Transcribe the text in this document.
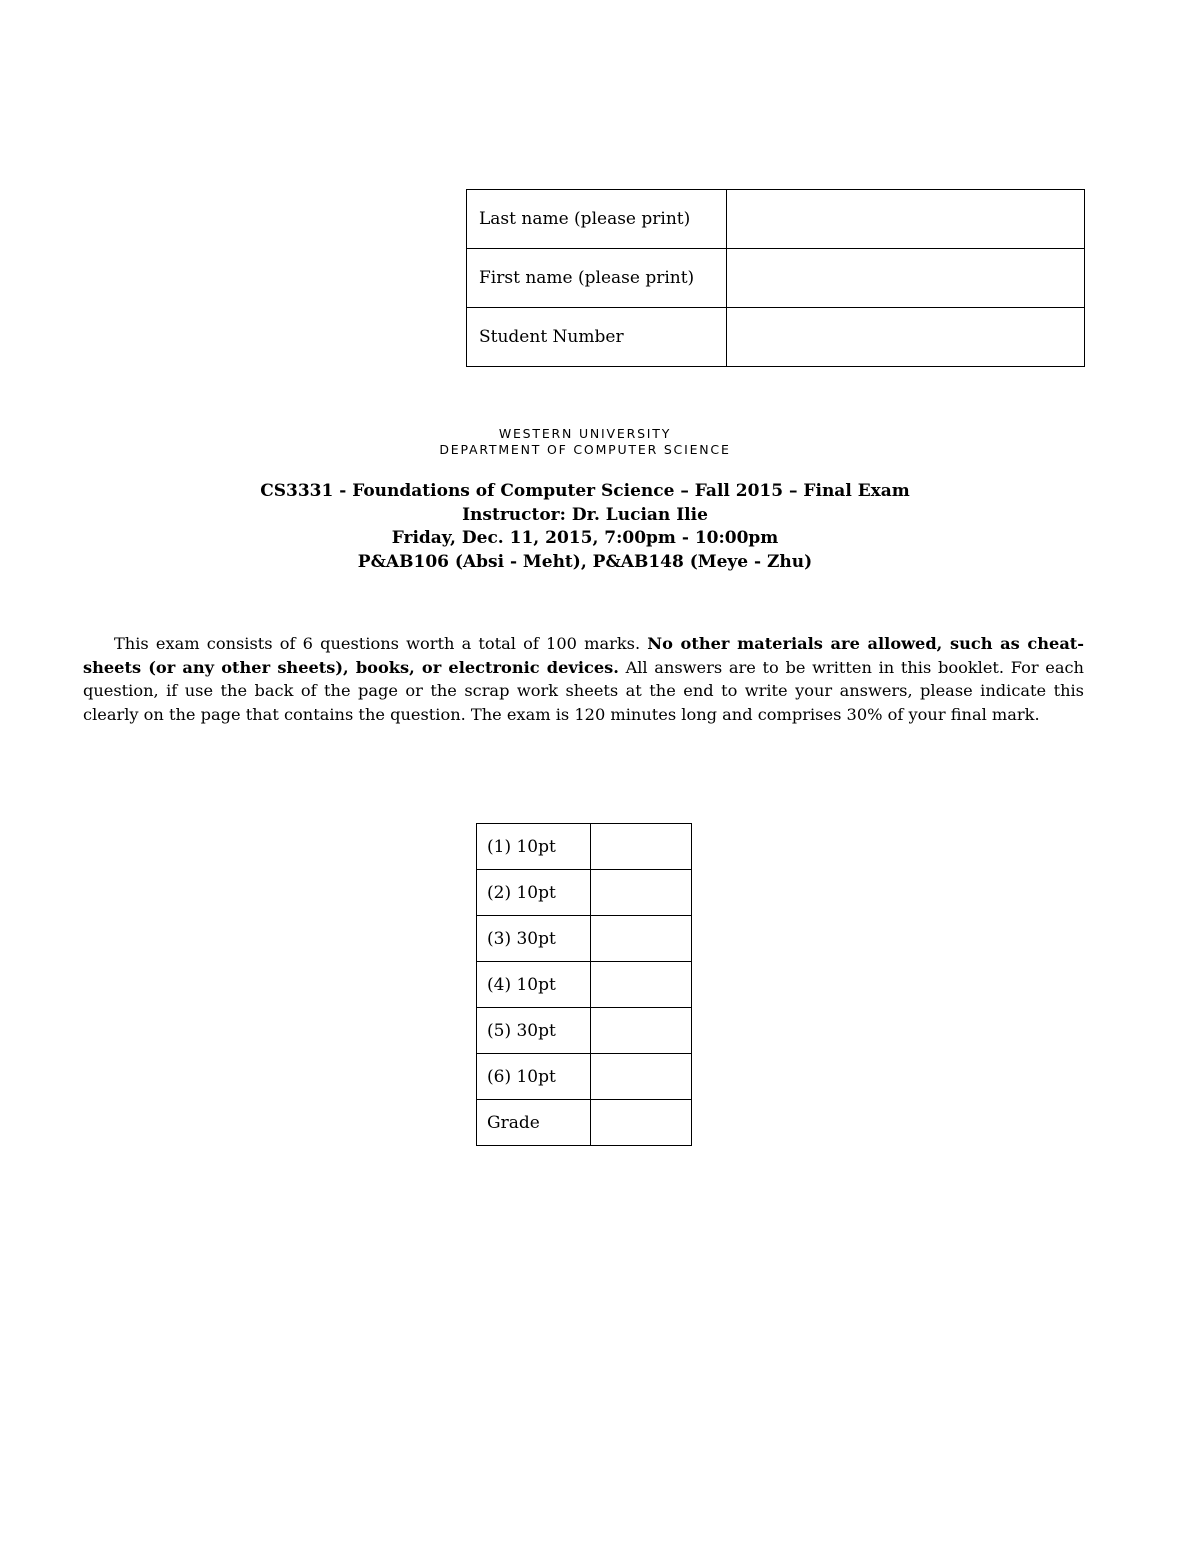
Last name (please print)	
First name (please print)	
Student Number	
WESTERN UNIVERSITY
DEPARTMENT OF COMPUTER SCIENCE
CS3331 - Foundations of Computer Science – Fall 2015 – Final Exam
Instructor: Dr. Lucian Ilie
Friday, Dec. 11, 2015, 7:00pm - 10:00pm
P&AB106 (Absi - Meht), P&AB148 (Meye - Zhu)

This exam consists of 6 questions worth a total of 100 marks. No other materials are allowed, such as cheat-sheets (or any other sheets), books, or electronic devices. All answers are to be written in this booklet. For each question, if use the back of the page or the scrap work sheets at the end to write your answers, please indicate this clearly on the page that contains the question. The exam is 120 minutes long and comprises 30% of your final mark.

(1) 10pt	
(2) 10pt	
(3) 30pt	
(4) 10pt	
(5) 30pt	
(6) 10pt	
Grade	
